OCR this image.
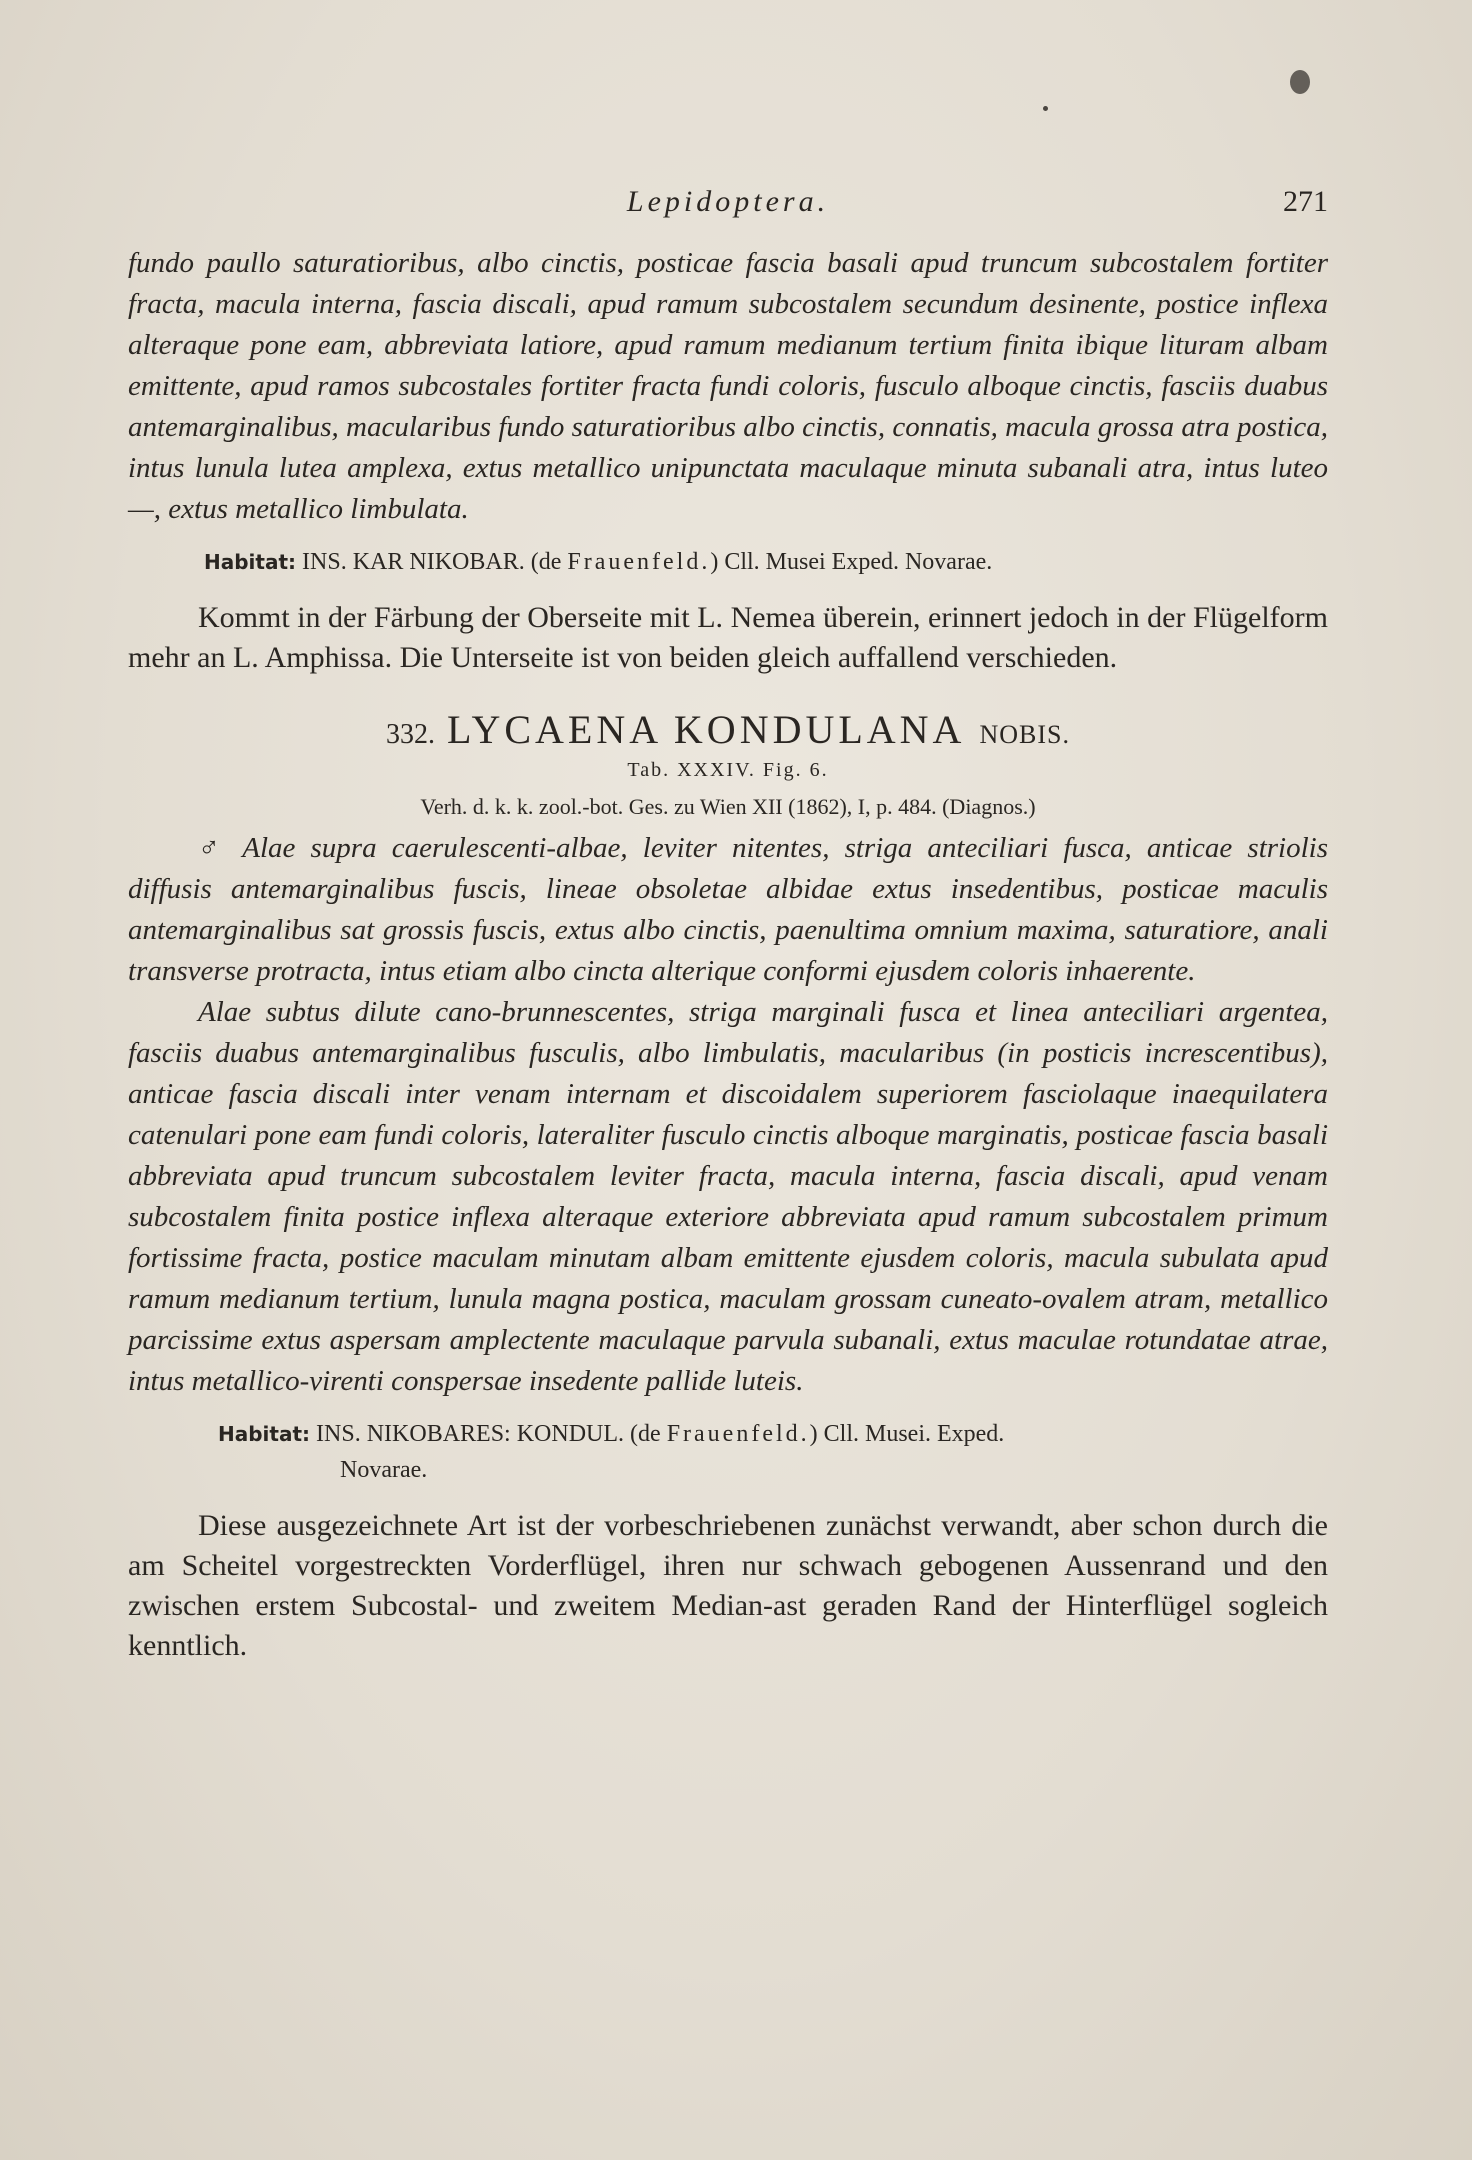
Lepidoptera.	271

fundo paullo saturatioribus, albo cinctis, posticae fascia basali apud truncum subcostalem fortiter fracta, macula interna, fascia discali, apud ramum subcostalem secundum desinente, postice inflexa alteraque pone eam, abbreviata latiore, apud ramum medianum tertium finita ibique lituram albam emittente, apud ramos subcostales fortiter fracta fundi coloris, fusculo alboque cinctis, fasciis duabus antemarginalibus, macularibus fundo saturatioribus albo cinctis, connatis, macula grossa atra postica, intus lunula lutea amplexa, extus metallico unipunctata maculaque minuta subanali atra, intus luteo —, extus metallico limbulata.

Habitat: INS. KAR NIKOBAR. (de Frauenfeld.) Cll. Musei Exped. Novarae.

Kommt in der Färbung der Oberseite mit L. Nemea überein, erinnert jedoch in der Flügelform mehr an L. Amphissa. Die Unterseite ist von beiden gleich auffallend verschieden.

332. LYCAENA KONDULANA NOBIS.
Tab. XXXIV. Fig. 6.
Verh. d. k. k. zool.-bot. Ges. zu Wien XII (1862), I, p. 484. (Diagnos.)

♂ Alae supra caerulescenti-albae, leviter nitentes, striga anteciliari fusca, anticae striolis diffusis antemarginalibus fuscis, lineae obsoletae albidae extus insedentibus, posticae maculis antemarginalibus sat grossis fuscis, extus albo cinctis, paenultima omnium maxima, saturatiore, anali transverse protracta, intus etiam albo cincta alterique conformi ejusdem coloris inhaerente.

Alae subtus dilute cano-brunnescentes, striga marginali fusca et linea anteciliari argentea, fasciis duabus antemarginalibus fusculis, albo limbulatis, macularibus (in posticis increscentibus), anticae fascia discali inter venam internam et discoidalem superiorem fasciolaque inaequilatera catenulari pone eam fundi coloris, lateraliter fusculo cinctis alboque marginatis, posticae fascia basali abbreviata apud truncum subcostalem leviter fracta, macula interna, fascia discali, apud venam subcostalem finita postice inflexa alteraque exteriore abbreviata apud ramum subcostalem primum fortissime fracta, postice maculam minutam albam emittente ejusdem coloris, macula subulata apud ramum medianum tertium, lunula magna postica, maculam grossam cuneato-ovalem atram, metallico parcissime extus aspersam amplectente maculaque parvula subanali, extus maculae rotundatae atrae, intus metallico-virenti conspersae insedente pallide luteis.

Habitat: INS. NIKOBARES: KONDUL. (de Frauenfeld.) Cll. Musei. Exped.
Novarae.

Diese ausgezeichnete Art ist der vorbeschriebenen zunächst verwandt, aber schon durch die am Scheitel vorgestreckten Vorderflügel, ihren nur schwach gebogenen Aussenrand und den zwischen erstem Subcostal- und zweitem Median-ast geraden Rand der Hinterflügel sogleich kenntlich.
